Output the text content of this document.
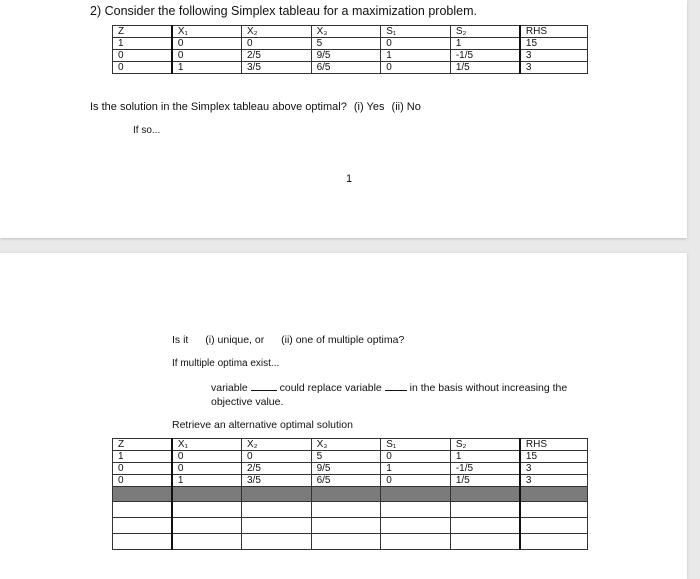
2) Consider the following Simplex tableau for a maximization problem.
Z	X₁	X₂	X₃	S₁	S₂	RHS
1	0	0	5	0	1	15
0	0	2/5	9/5	1	-1/5	3
0	1	3/5	6/5	0	1/5	3
Is the solution in the Simplex tableau above optimal? (i) Yes (ii) No
If so...
1
Is it (i) unique, or (ii) one of multiple optima?
If multiple optima exist...
variable	could replace variable	in the basis without increasing the
objective value.
Retrieve an alternative optimal solution
Z	X₁	X₂	X₃	S₁	S₂	RHS
1	0	0	5	0	1	15
0	0	2/5	9/5	1	-1/5	3
0	1	3/5	6/5	0	1/5	3
